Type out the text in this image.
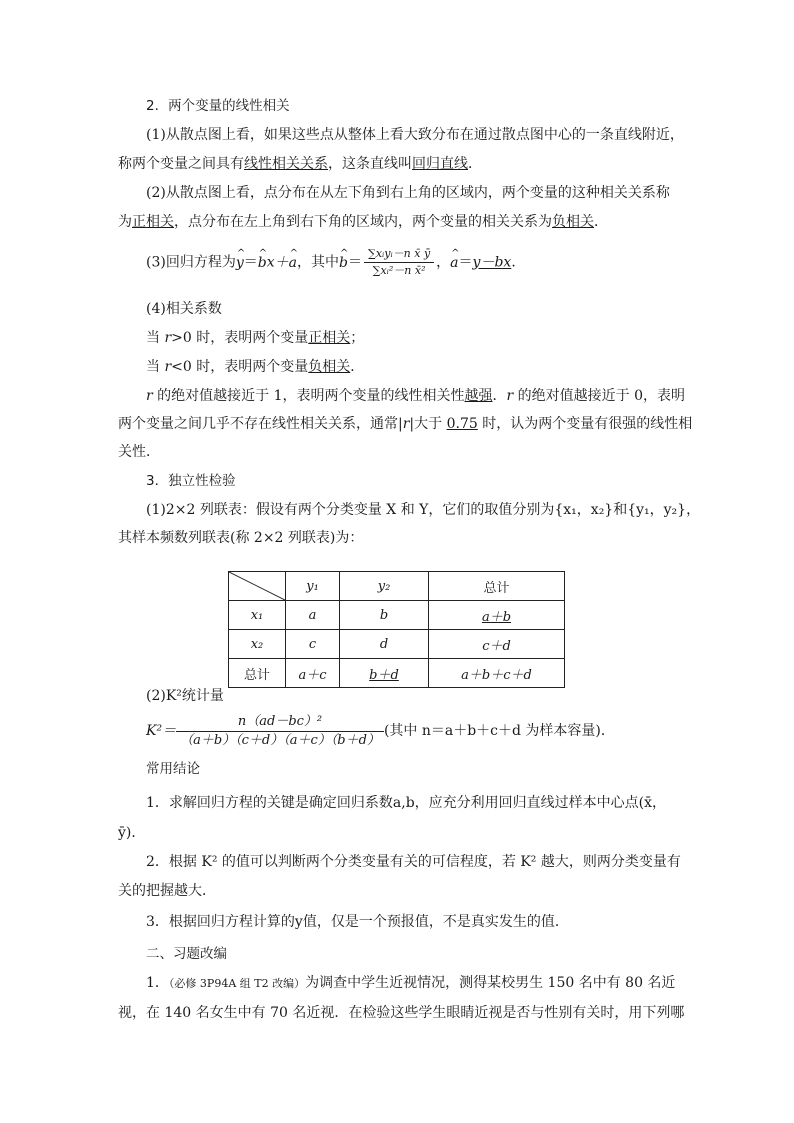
2．两个变量的线性相关
(1)从散点图上看，如果这些点从整体上看大致分布在通过散点图中心的一条直线附近，
称两个变量之间具有线性相关关系，这条直线叫回归直线．
(2)从散点图上看，点分布在从左下角到右上角的区域内，两个变量的这种相关关系称
为正相关，点分布在左上角到右下角的区域内，两个变量的相关关系为负相关．
(3)回归方程为^ y＝^ bx＋^ a，其中^ $b= \frac{\text{∑xᵢyᵢ－n x̄ ȳ}}{\text{∑xᵢ²－n x̄²}}$ ，^ a＝y－bx．
(4)相关系数
当 r>0 时，表明两个变量正相关；
当 r<0 时，表明两个变量负相关．
r 的绝对值越接近于 1，表明两个变量的线性相关性越强．r 的绝对值越接近于 0，表明
两个变量之间几乎不存在线性相关关系，通常|r|大于 0.75 时，认为两个变量有很强的线性相
关性．
3．独立性检验
(1)2×2 列联表：假设有两个分类变量 X 和 Y，它们的取值分别为{x₁，x₂}和{y₁，y₂}，
其样本频数列联表(称 2×2 列联表)为：
	y₁	y₂	总计
x₁	a	b	a＋b
x₂	c	d	c＋d
总计	a＋c	b＋d	a＋b＋c＋d
(2)K²统计量
$K^2= \frac{\text{n（ad－bc）²}}{(a+b)(c+d)(a+c)(b+d)}$ (其中 n＝a＋b＋c＋d 为样本容量)．
常用结论
1．求解回归方程的关键是确定回归系数a,b，应充分利用回归直线过样本中心点(x̄，
ȳ)．
2．根据 K² 的值可以判断两个分类变量有关的可信程度，若 K² 越大，则两分类变量有
关的把握越大．
3．根据回归方程计算的y值，仅是一个预报值，不是真实发生的值．
二、习题改编
1．（必修 3P94A 组 T2 改编）为调查中学生近视情况，测得某校男生 150 名中有 80 名近
视，在 140 名女生中有 70 名近视．在检验这些学生眼睛近视是否与性别有关时，用下列哪
